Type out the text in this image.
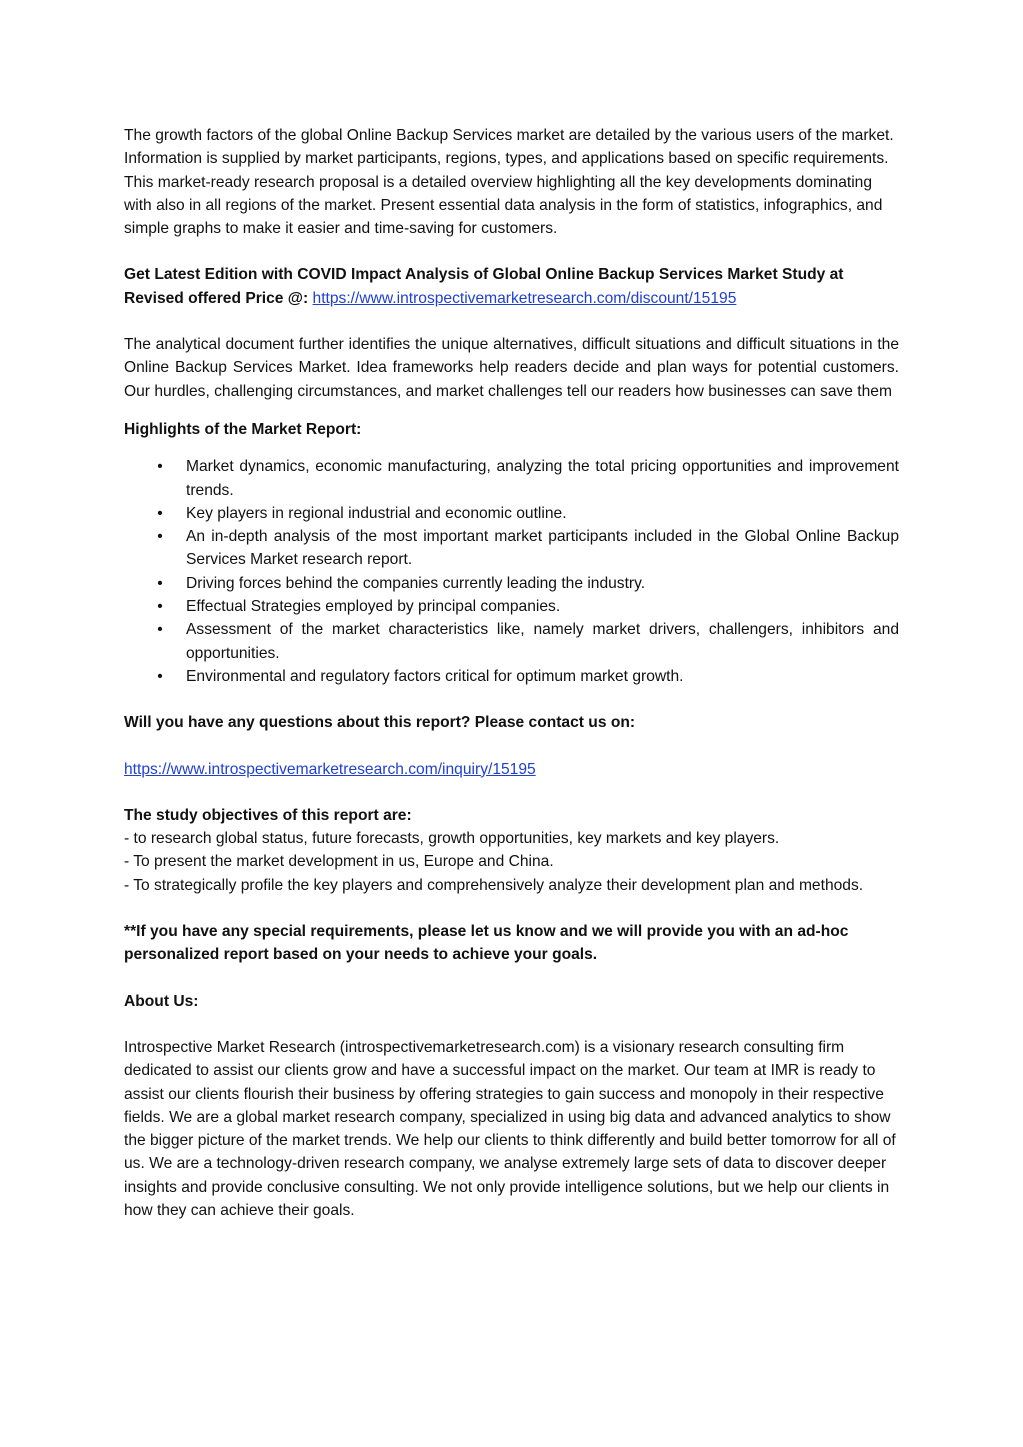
The growth factors of the global Online Backup Services market are detailed by the various users of the market. Information is supplied by market participants, regions, types, and applications based on specific requirements. This market-ready research proposal is a detailed overview highlighting all the key developments dominating with also in all regions of the market. Present essential data analysis in the form of statistics, infographics, and simple graphs to make it easier and time-saving for customers.

Get Latest Edition with COVID Impact Analysis of Global Online Backup Services Market Study at Revised offered Price @: https://www.introspectivemarketresearch.com/discount/15195

The analytical document further identifies the unique alternatives, difficult situations and difficult situations in the Online Backup Services Market. Idea frameworks help readers decide and plan ways for potential customers. Our hurdles, challenging circumstances, and market challenges tell our readers how businesses can save them

Highlights of the Market Report:

• Market dynamics, economic manufacturing, analyzing the total pricing opportunities and improvement trends.
• Key players in regional industrial and economic outline.
• An in-depth analysis of the most important market participants included in the Global Online Backup Services Market research report.
• Driving forces behind the companies currently leading the industry.
• Effectual Strategies employed by principal companies.
• Assessment of the market characteristics like, namely market drivers, challengers, inhibitors and opportunities.
• Environmental and regulatory factors critical for optimum market growth.

Will you have any questions about this report? Please contact us on:

https://www.introspectivemarketresearch.com/inquiry/15195

The study objectives of this report are:

- to research global status, future forecasts, growth opportunities, key markets and key players.

- To present the market development in us, Europe and China.

- To strategically profile the key players and comprehensively analyze their development plan and methods.

**If you have any special requirements, please let us know and we will provide you with an ad-hoc personalized report based on your needs to achieve your goals.

About Us:

Introspective Market Research (introspectivemarketresearch.com) is a visionary research consulting firm dedicated to assist our clients grow and have a successful impact on the market. Our team at IMR is ready to assist our clients flourish their business by offering strategies to gain success and monopoly in their respective fields. We are a global market research company, specialized in using big data and advanced analytics to show the bigger picture of the market trends. We help our clients to think differently and build better tomorrow for all of us. We are a technology-driven research company, we analyse extremely large sets of data to discover deeper insights and provide conclusive consulting. We not only provide intelligence solutions, but we help our clients in how they can achieve their goals.
